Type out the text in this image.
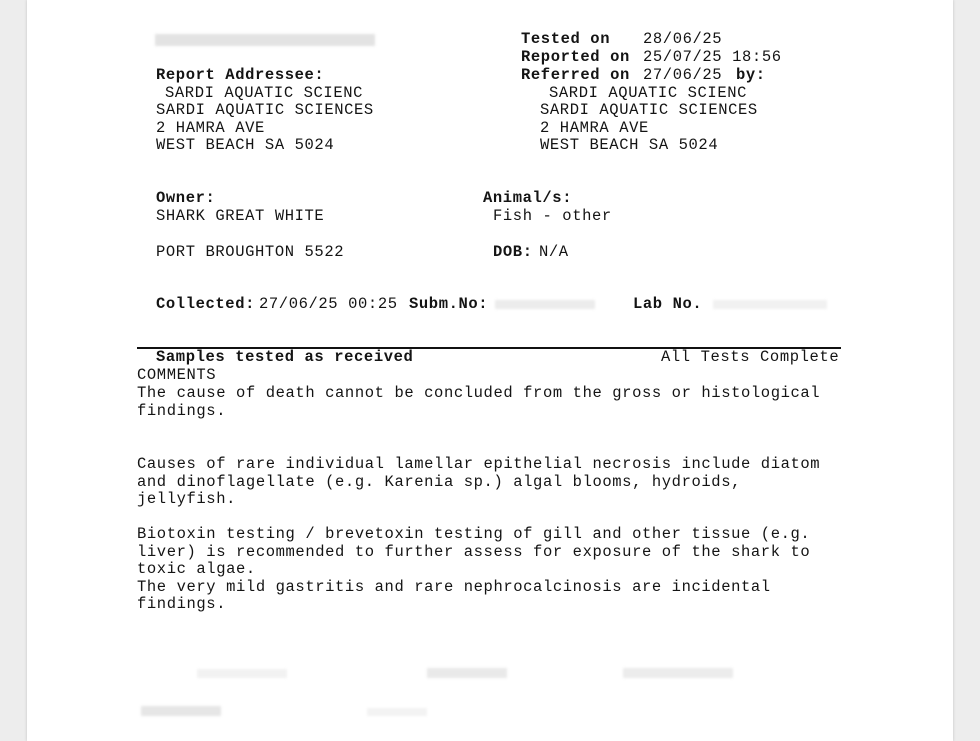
Tested on 28/06/25
Reported on 25/07/25 18:56
Referred on 27/06/25 by:
Report Addressee:
SARDI AQUATIC SCIENC
SARDI AQUATIC SCIENCES
2 HAMRA AVE
WEST BEACH SA 5024
SARDI AQUATIC SCIENC
SARDI AQUATIC SCIENCES
2 HAMRA AVE
WEST BEACH SA 5024
Owner:
SHARK GREAT WHITE
PORT BROUGHTON 5522
Animal/s:
Fish - other
DOB: N/A
Collected: 27/06/25 00:25 Subm.No:	Lab No.
Samples tested as received	All Tests Complete
COMMENTS
The cause of death cannot be concluded from the gross or histological
findings.
Causes of rare individual lamellar epithelial necrosis include diatom
and dinoflagellate (e.g. Karenia sp.) algal blooms, hydroids, jellyfish.
Biotoxin testing / brevetoxin testing of gill and other tissue (e.g.
liver) is recommended to further assess for exposure of the shark to
toxic algae.
The very mild gastritis and rare nephrocalcinosis are incidental
findings.
